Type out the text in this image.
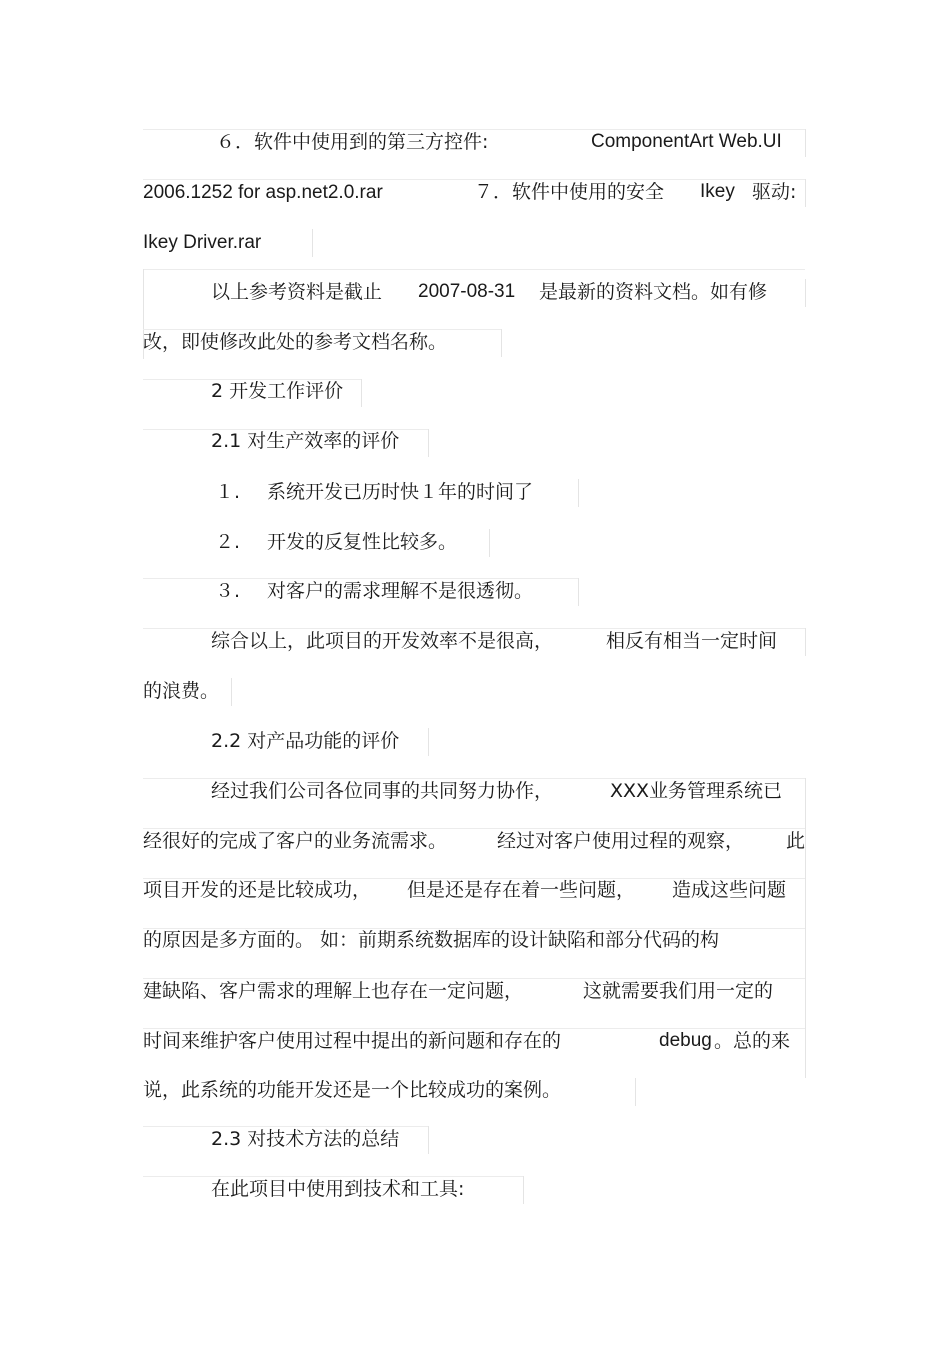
６．软件中使用到的第三方控件:	ComponentArt Web.UI
2006.1252 for asp.net2.0.rar	７．软件中使用的安全 Ikey 驱动:
Ikey Driver.rar
以上参考资料是截止 2007-08-31 是最新的资料文档。如有修
改，即使修改此处的参考文档名称。
2 开发工作评价
2.1 对生产效率的评价
１. 系统开发已历时快１年的时间了
２. 开发的反复性比较多。
３. 对客户的需求理解不是很透彻。
综合以上，此项目的开发效率不是很高，	相反有相当一定时间
的浪费。
2.2 对产品功能的评价
经过我们公司各位同事的共同努力协作，	XXX业务管理系统已
经很好的完成了客户的业务流需求。	经过对客户使用过程的观察， 此
项目开发的还是比较成功， 但是还是存在着一些问题， 造成这些问题
的原因是多方面的。 如：前期系统数据库的设计缺陷和部分代码的构
建缺陷、客户需求的理解上也存在一定问题，	这就需要我们用一定的
时间来维护客户使用过程中提出的新问题和存在的	debug 。总的来
说，此系统的功能开发还是一个比较成功的案例。
2.3 对技术方法的总结
在此项目中使用到技术和工具:
